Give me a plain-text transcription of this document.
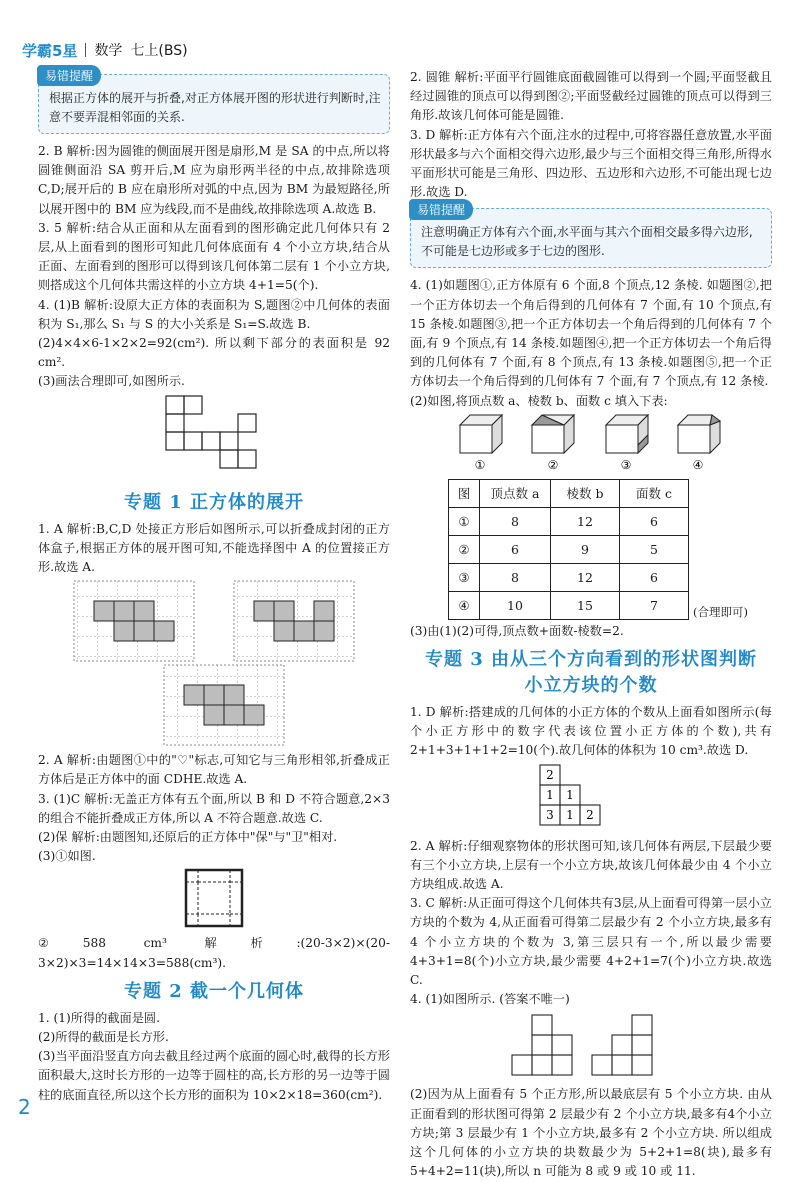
学霸5星 数学 七上(BS)
易错提醒
根据正方体的展开与折叠,对正方体展开图的形状进行判断时,注意不要弄混相邻面的关系.

2. B 解析:因为圆锥的侧面展开图是扇形,M 是 SA 的中点,所以将圆锥侧面沿 SA 剪开后,M 应为扇形两半径的中点,故排除选项 C,D;展开后的 B 应在扇形所对弧的中点,因为 BM 为最短路径,所以展开图中的 BM 应为线段,而不是曲线,故排除选项 A.故选 B.

3. 5 解析:结合从正面和从左面看到的图形确定此几何体只有 2 层,从上面看到的图形可知此几何体底面有 4 个小立方块,结合从正面、左面看到的图形可以得到该几何体第二层有 1 个小立方块,则搭成这个几何体共需这样的小立方块 4+1=5(个).

4. (1)B 解析:设原大正方体的表面积为 S,题图②中几何体的表面积为 S₁,那么 S₁ 与 S 的大小关系是 S₁=S.故选 B.

(2)4×4×6-1×2×2=92(cm²). 所以剩下部分的表面积是 92 cm².

(3)画法合理即可,如图所示.

专题 1 正方体的展开

1. A 解析:B,C,D 处接正方形后如图所示,可以折叠成封闭的正方体盒子,根据正方体的展开图可知,不能选择图中 A 的位置接正方形.故选 A.

2. A 解析:由题图①中的"♡"标志,可知它与三角形相邻,折叠成正方体后是正方体中的面 CDHE.故选 A.

3. (1)C 解析:无盖正方体有五个面,所以 B 和 D 不符合题意,2×3 的组合不能折叠成正方体,所以 A 不符合题意.故选 C.

(2)保 解析:由题图知,还原后的正方体中"保"与"卫"相对.

(3)①如图.

②588 cm³ 解析:(20-3×2)×(20-3×2)×3=14×14×3=588(cm³).

专题 2 截一个几何体

1. (1)所得的截面是圆.

(2)所得的截面是长方形.

(3)当平面沿竖直方向去截且经过两个底面的圆心时,截得的长方形面积最大,这时长方形的一边等于圆柱的高,长方形的另一边等于圆柱的底面直径,所以这个长方形的面积为 10×2×18=360(cm²).

2. 圆锥 解析:平面平行圆锥底面截圆锥可以得到一个圆;平面竖截且经过圆锥的顶点可以得到图②;平面竖截经过圆锥的顶点可以得到三角形.故该几何体可能是圆锥.

3. D 解析:正方体有六个面,注水的过程中,可将容器任意放置,水平面形状最多与六个面相交得六边形,最少与三个面相交得三角形,所得水平面形状可能是三角形、四边形、五边形和六边形,不可能出现七边形.故选 D.

易错提醒
注意明确正方体有六个面,水平面与其六个面相交最多得六边形,不可能是七边形或多于七边的图形.

4. (1)如题图①,正方体原有 6 个面,8 个顶点,12 条棱. 如题图②,把一个正方体切去一个角后得到的几何体有 7 个面,有 10 个顶点,有 15 条棱.如题图③,把一个正方体切去一个角后得到的几何体有 7 个面,有 9 个顶点,有 14 条棱.如题图④,把一个正方体切去一个角后得到的几何体有 7 个面,有 8 个顶点,有 13 条棱.如题图⑤,把一个正方体切去一个角后得到的几何体有 7 个面,有 7 个顶点,有 12 条棱.

(2)如图,将顶点数 a、棱数 b、面数 c 填入下表:

①	②	③	④
图	顶点数 a	棱数 b	面数 c
①	8	12	6
②	6	9	5
③	8	12	6
④	10	15	7	(合理即可)

(3)由(1)(2)可得,顶点数+面数-棱数=2.

专题 3 由从三个方向看到的形状图判断
小立方块的个数

1. D 解析:搭建成的几何体的小正方体的个数从上面看如图所示(每个小正方形中的数字代表该位置小正方体的个数),共有2+1+3+1+1+2=10(个).故几何体的体积为 10 cm³.故选 D.

2
1 1
3 1 2

2. A 解析:仔细观察物体的形状图可知,该几何体有两层,下层最少要有三个小立方块,上层有一个小立方块,故该几何体最少由 4 个小立方块组成.故选 A.

3. C 解析:从正面可得这个几何体共有3层,从上面看可得第一层小立方块的个数为 4,从正面看可得第二层最少有 2 个小立方块,最多有 4 个小立方块的个数为 3,第三层只有一个,所以最少需要 4+3+1=8(个)小立方块,最少需要 4+2+1=7(个)小立方块.故选 C.

4. (1)如图所示. (答案不唯一)

(2)因为从上面看有 5 个正方形,所以最底层有 5 个小立方块. 由从正面看到的形状图可得第 2 层最少有 2 个小立方块,最多有4个小立方块;第 3 层最少有 1 个小立方块,最多有 2 个小立方块. 所以组成这个几何体的小立方块的块数最少为 5+2+1=8(块),最多有 5+4+2=11(块),所以 n 可能为 8 或 9 或 10 或 11.

2
